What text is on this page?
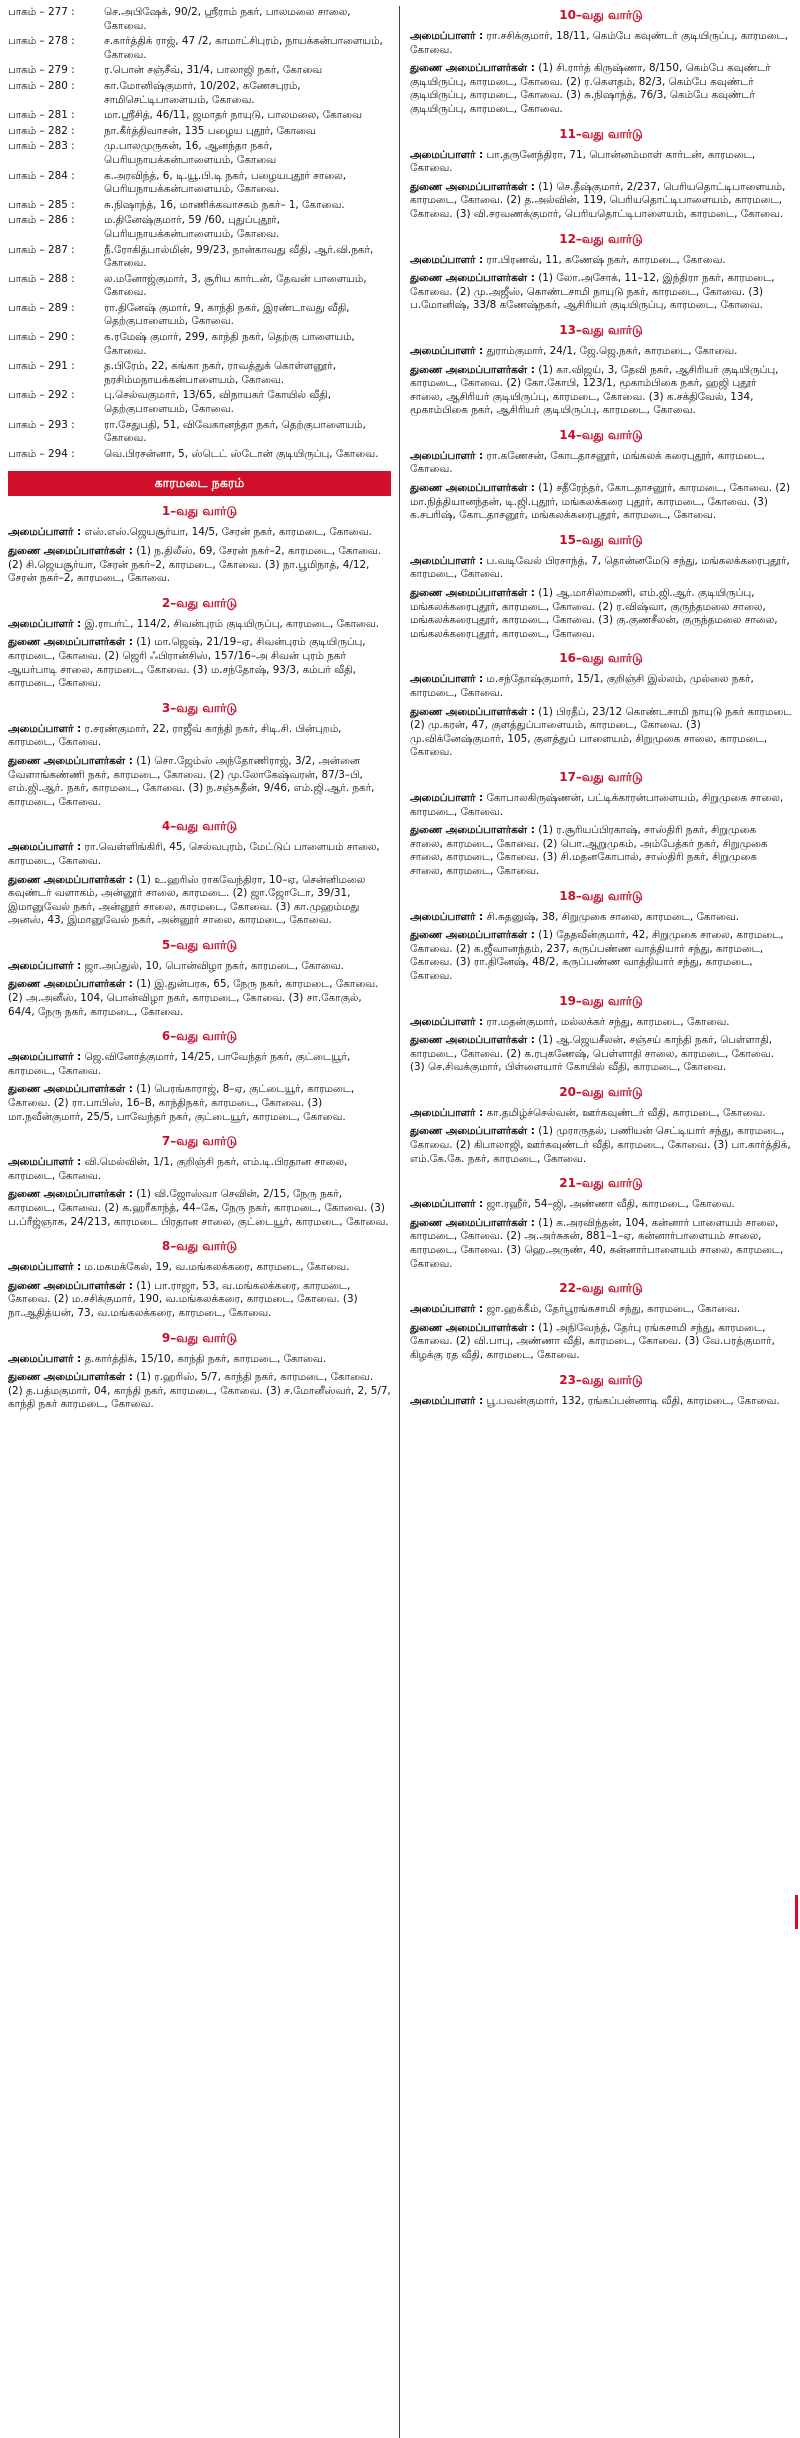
பாகம் – 277 :	செ.அபிஷேக், 90/2, ஸ்ரீராம் நகர், பாலமலை சாலை, கோவை.
பாகம் – 278 :	ச.கார்த்திக் ராஜ், 47 /2, காமாட்சிபுரம், நாயக்கன்பாளையம், கோவை.
பாகம் – 279 :	ர.பொன் சஞ்சீவ், 31/4, பாலாஜி நகர், கோவை
பாகம் – 280 :	கா.மோனிஷ்குமார், 10/202, கணேசபுரம், சாமிசெட்டிபாளையம், கோவை.
பாகம் – 281 :	மா.ஸ்ரீசித், 46/11, ஜமாதர் நாயுடு, பாலமலை, கோவை
பாகம் – 282 :	நா.கீர்த்திவாசன், 135 பழைய புதூர், கோவை
பாகம் – 283 :	மு.பாலமுருகன், 16, ஆனந்தா நகர், பெரியநாயக்கன்பாளையம், கோவை
பாகம் – 284 :	க.அரவிந்த், 6, டி.யூ.பி.டி நகர், பழையபுதூர் சாலை, பெரியநாயக்கன்பாளையம், கோவை.
பாகம் – 285 :	சு.நிஷாந்த், 16, மாணிக்கவாசகம் நகர்– 1, கோவை.
பாகம் – 286 :	ம.தினேஷ்குமார், 59 /60, புதுப்புதூர், பெரியநாயக்கன்பாளையம், கோவை.
பாகம் – 287 :	நீ.ரோகித்பால்மின், 99/23, நான்காவது வீதி, ஆர்.வி.நகர், கோவை.
பாகம் – 288 :	ல.மனோஜ்குமார், 3, சூரிய கார்டன், தேவன் பாளையம், கோவை.
பாகம் – 289 :	ரா.தினேஷ் குமார், 9, காந்தி நகர், இரண்டாவது வீதி, தெற்குபாளையம், கோவை.
பாகம் – 290 :	க.ரமேஷ் குமார், 299, காந்தி நகர், தெற்கு பாளையம், கோவை.
பாகம் – 291 :	த.பிரேம், 22, கங்கா நகர், ராவத்துக் கொள்ளனூர், நரசிம்மநாயக்கன்பாளையம், கோவை.
பாகம் – 292 :	பு.செல்வகுமார், 13/65, விநாயகர் கோயில் வீதி, தெற்குபாளையம், கோவை.
பாகம் – 293 :	ரா.சேதுபதி, 51, விவேகானந்தா நகர், தெற்குபாளையம், கோவை.
பாகம் – 294 :	வெ.பிரசன்னா, 5, ஸ்டெட் ஸ்டோன் குடியிருப்பு, கோவை.
காரமடை நகரம்
1–வது வார்டு
அமைப்பாளர் : எஸ்.எஸ்.ஜெயசூர்யா, 14/5, சேரன் நகர், காரமடை, கோவை.
துணை அமைப்பாளர்கள் : (1) ந.திலீஸ், 69, சேரன் நகர்–2, காரமடை, கோவை. (2) சி.ஜெயசூர்யா, சேரன் நகர்–2, காரமடை, கோவை. (3) நா.பூமிநாத், 4/12, சேரன் நகர்–2, காரமடை, கோவை.
2–வது வார்டு
அமைப்பாளர் : இ.ராபர்ட், 114/2, சிவன்புரம் குடியிருப்பு, காரமடை, கோவை.
துணை அமைப்பாளர்கள் : (1) மா.ஜெஷ், 21/19–ஏ, சிவன்புரம் குடியிருப்பு, காரமடை, கோவை. (2) ஜெரி ஃபிரான்சிஸ், 157/16–அ சிவன் புரம் நகர் ஆயர்பாடி சாலை, காரமடை, கோவை. (3) ம.சந்தோஷ், 93/3, கம்பர் வீதி, காரமடை, கோவை.
3–வது வார்டு
அமைப்பாளர் : ர.சரண்குமார், 22, ராஜீவ் காந்தி நகர், சிடி.சி. பின்புறம், காரமடை, கோவை.
துணை அமைப்பாளர்கள் : (1) சொ.ஜேம்ஸ் அந்தோணிராஜ், 3/2, அன்னை வேளாங்கண்ணி நகர், காரமடை, கோவை. (2) மு.லோகேஷ்வரன், 87/3–பி, எம்.ஜி.ஆர். நகர், காரமடை, கோவை. (3) ந.சஞ்சுதீன், 9/46, எம்.ஜி.ஆர். நகர், காரமடை, கோவை.
4–வது வார்டு
அமைப்பாளர் : ரா.வெள்ளிங்கிரி, 45, செல்வபுரம், மேட்டுப் பாளையம் சாலை, காரமடை, கோவை.
துணை அமைப்பாளர்கள் : (1) உ.ஹரிஸ் ராகவேந்திரா, 10–ஏ, சென்னிமலை கவுண்டர் வளாகம், அன்னூர் சாலை, காரமடை. (2) ஜா.ஜோடோ, 39/31, இமானுவேல் நகர், அன்னூர் சாலை, காரமடை, கோவை. (3) கா.முஹம்மது அனஸ், 43, இமானுவேல் நகர், அன்னூர் சாலை, காரமடை, கோவை.
5–வது வார்டு
அமைப்பாளர் : ஜா.அப்துல், 10, பொன்விழா நகர், காரமடை, கோவை.
துணை அமைப்பாளர்கள் : (1) இ.துன்பரசு, 65, நேரு நகர், காரமடை, கோவை. (2) அ.அனீஸ், 104, பொன்விழா நகர், காரமடை, கோவை. (3) சா.கோகுல், 64/4, நேரு நகர், காரமடை, கோவை.
6–வது வார்டு
அமைப்பாளர் : ஜெ.வினோத்குமார், 14/25, பாவேந்தர் நகர், குட்டையூர், காரமடை, கோவை.
துணை அமைப்பாளர்கள் : (1) பெரங்காராஜ், 8–ஏ, குட்டையூர், காரமடை, கோவை. (2) ரா.பாபிஸ், 16–B, காந்திநகர், காரமடை, கோவை. (3) மா.நவீன்குமார், 25/5, பாவேந்தர் நகர், குட்டையூர், காரமடை, கோவை.
7–வது வார்டு
அமைப்பாளர் : வி.மெல்வின், 1/1, குறிஞ்சி நகர், எம்.டி.பிரதான சாலை, காரமடை, கோவை.
துணை அமைப்பாளர்கள் : (1) வி.ஜோஸ்வா செவின், 2/15, நேரு நகர், காரமடை, கோவை. (2) க.ஹரீகாந்த், 44–கே, நேரு நகர், காரமடை, கோவை. (3) ப.ப்ரீஜ்ஞாக, 24/213, காரமடை பிரதான சாலை, குட்டையூர், காரமடை, கோவை.
8–வது வார்டு
அமைப்பாளர் : ம.மகமக்கேல், 19, வ.மங்கலக்கரை, காரமடை, கோவை.
துணை அமைப்பாளர்கள் : (1) பா.ராஜா, 53, வ.மங்கலக்கரை, காரமடை, கோவை. (2) ம.சசிக்குமார், 190, வ.மங்கலக்கரை, காரமடை, கோவை. (3) நா.ஆதித்யன், 73, வ.மங்கலக்கரை, காரமடை, கோவை.
9–வது வார்டு
அமைப்பாளர் : த.கார்த்திக், 15/10, காந்தி நகர், காரமடை, கோவை.
துணை அமைப்பாளர்கள் : (1) ர.ஹரிஸ், 5/7, காந்தி நகர், காரமடை, கோவை. (2) த.பத்மகுமார், 04, காந்தி நகர், காரமடை, கோவை. (3) ச.மோனீஸ்வர், 2, 5/7, காந்தி நகர் காரமடை, கோவை.
10–வது வார்டு
அமைப்பாளர் : ரா.சசிக்குமார், 18/11, கெம்பே கவுண்டர் குடியிருப்பு, காரமடை, கோவை.
துணை அமைப்பாளர்கள் : (1) சி.ரார்த் கிருஷ்ணா, 8/150, கெம்பே கவுண்டர் குடியிருப்பு, காரமடை, கோவை. (2) ர.கௌதம், 82/3, கெம்பே கவுண்டர் குடியிருப்பு, காரமடை, கோவை. (3) சு.நிஷாந்த், 76/3, கெம்பே கவுண்டர் குடியிருப்பு, காரமடை, கோவை.
11–வது வார்டு
அமைப்பாளர் : பா.தருனேந்திரா, 71, பொன்னம்மாள் கார்டன், காரமடை, கோவை.
துணை அமைப்பாளர்கள் : (1) செ.தீஷ்குமார், 2/237, பெரியதொட்டிபாளையம், காரமடை, கோவை. (2) த.அல்வின், 119, பெரியதொட்டிபாளையம், காரமடை, கோவை. (3) வி.சரவணக்குமார், பெரியதொட்டிபாளையம், காரமடை, கோவை.
12–வது வார்டு
அமைப்பாளர் : ரா.பிரணவ், 11, கணேஷ் நகர், காரமடை, கோவை.
துணை அமைப்பாளர்கள் : (1) லோ.அசோக், 11–12, இந்திரா நகர், காரமடை, கோவை. (2) மு.அஜீஸ், கொண்டசாமி நாயுடு நகர், காரமடை, கோவை. (3) ப.மோனிஷ், 33/8 கணேஷ்நகர், ஆசிரியர் குடியிருப்பு, காரமடை, கோவை.
13–வது வார்டு
அமைப்பாளர் : துராம்குமார், 24/1, ஜே.ஜெ.நகர், காரமடை, கோவை.
துணை அமைப்பாளர்கள் : (1) கா.விஜய், 3, தேவி நகர், ஆசிரியர் குடியிருப்பு, காரமடை, கோவை. (2) கோ.கோபி, 123/1, மூகாம்பிகை நகர், ஹஜி புதூர் சாலை, ஆசிரியர் குடியிருப்பு, காரமடை, கோவை. (3) க.சக்திவேல், 134, மூகாம்பிகை நகர், ஆசிரியர் குடியிருப்பு, காரமடை, கோவை.
14–வது வார்டு
அமைப்பாளர் : ரா.கணேசன், கோடதாசனூர், மங்கலக் கரைபுதூர், காரமடை, கோவை.
துணை அமைப்பாளர்கள் : (1) சதீரேந்தர், கோடதாசனூர், காரமடை, கோவை. (2) மா.நித்தியானந்தன், டி.ஜி.புதூர், மங்கலக்கரை புதூர், காரமடை, கோவை. (3) க.சபரிஷ், கோடதாசனூர், மங்கலக்கரைபுதூர், காரமடை, கோவை.
15–வது வார்டு
அமைப்பாளர் : ப.வடிவேல் பிரசாந்த், 7, தொன்னமேடு சந்து, மங்கலக்கரைபுதூர், காரமடை, கோவை.
துணை அமைப்பாளர்கள் : (1) ஆ.மாசிலாமணி, எம்.ஜி.ஆர். குடியிருப்பு, மங்கலக்கரைபுதூர், காரமடை, கோவை. (2) ர.விஷ்வா, குருந்தமலை சாலை, மங்கலக்கரைபுதூர், காரமடை, கோவை. (3) கு.குணசீலன், குருந்தமலை சாலை, மங்கலக்கரைபுதூர், காரமடை, கோவை.
16–வது வார்டு
அமைப்பாளர் : ம.சந்தோஷ்குமார், 15/1, குறிஞ்சி இல்லம், முல்லை நகர், காரமடை, கோவை.
துணை அமைப்பாளர்கள் : (1) பிரதீப், 23/12 கொண்டசாமி நாயுடு நகர் காரமடை (2) மு.கரன், 47, குளத்துப்பாளையம், காரமடை, கோவை. (3) மு.விக்னேஷ்குமார், 105, குளத்துப் பாளையம், சிறுமுகை சாலை, காரமடை, கோவை.
17–வது வார்டு
அமைப்பாளர் : கோபாலகிருஷ்ணன், பட்டிக்காரன்பாளையம், சிறுமுகை சாலை, காரமடை, கோவை.
துணை அமைப்பாளர்கள் : (1) ர.சூரியப்பிரகாஷ், சாஸ்திரி நகர், சிறுமுகை சாலை, காரமடை, கோவை. (2) பொ.ஆறுமுகம், அம்பேத்கர் நகர், சிறுமுகை சாலை, காரமடை, கோவை. (3) சி.மதனகோபால், சாஸ்திரி நகர், சிறுமுகை சாலை, காரமடை, கோவை.
18–வது வார்டு
அமைப்பாளர் : சி.சுதனுஷ், 38, சிறுமுகை சாலை, காரமடை, கோவை.
துணை அமைப்பாளர்கள் : (1) தேதவீன்குமார், 42, சிறுமுகை சாலை, காரமடை, கோவை. (2) க.ஜீவானந்தம், 237, கருப்பண்ண வாத்தியார் சந்து, காரமடை, கோவை. (3) ரா.தினேஷ், 48/2, கருப்பண்ண வாத்தியார் சந்து, காரமடை, கோவை.
19–வது வார்டு
அமைப்பாளர் : ரா.மதன்குமார், மல்லக்கர் சந்து, காரமடை, கோவை.
துணை அமைப்பாளர்கள் : (1) ஆ.ஜெயசீலன், சஞ்சய் காந்தி நகர், பெள்ளாதி, காரமடை, கோவை. (2) க.ரபுகணேஷ், பெள்ளாதி சாலை, காரமடை, கோவை. (3) செ.சிவக்குமார், பிள்ளையார் கோயில் வீதி, காரமடை, கோவை.
20–வது வார்டு
அமைப்பாளர் : கா.தமிழ்ச்செல்வன், ஊர்கவுண்டர் வீதி, காரமடை, கோவை.
துணை அமைப்பாளர்கள் : (1) முராருதல், பணியன் செட்டியார் சந்து, காரமடை, கோவை. (2) கிபாலாஜி, ஊர்கவுண்டர் வீதி, காரமடை, கோவை. (3) பா.கார்த்திக், எம்.கே.கே. நகர், காரமடை, கோவை.
21–வது வார்டு
அமைப்பாளர் : ஜா.ரஹீர், 54–ஜி, அண்ணா வீதி, காரமடை, கோவை.
துணை அமைப்பாளர்கள் : (1) க.அரவிந்தன், 104, கன்னார் பாளையம் சாலை, காரமடை, கோவை. (2) அ.அர்சுகன், 881–1–ஏ, கன்னார்பாளையம் சாலை, காரமடை, கோவை. (3) ஹெ.அருண், 40, கன்னார்பாளையம் சாலை, காரமடை, கோவை.
22–வது வார்டு
அமைப்பாளர் : ஜா.ஹக்கீம், தேர்பூரங்கசாமி சந்து, காரமடை, கோவை.
துணை அமைப்பாளர்கள் : (1) அநிவேந்த், தேர்பு ரங்கசாமி சந்து, காரமடை, கோவை. (2) வி.பாபு, அண்ணா வீதி, காரமடை, கோவை. (3) வே.பரத்குமார், கிழக்கு ரத வீதி, காரமடை, கோவை.
23–வது வார்டு
அமைப்பாளர் : பூ.பவன்குமார், 132, ரங்கப்பன்னாடி வீதி, காரமடை, கோவை.
